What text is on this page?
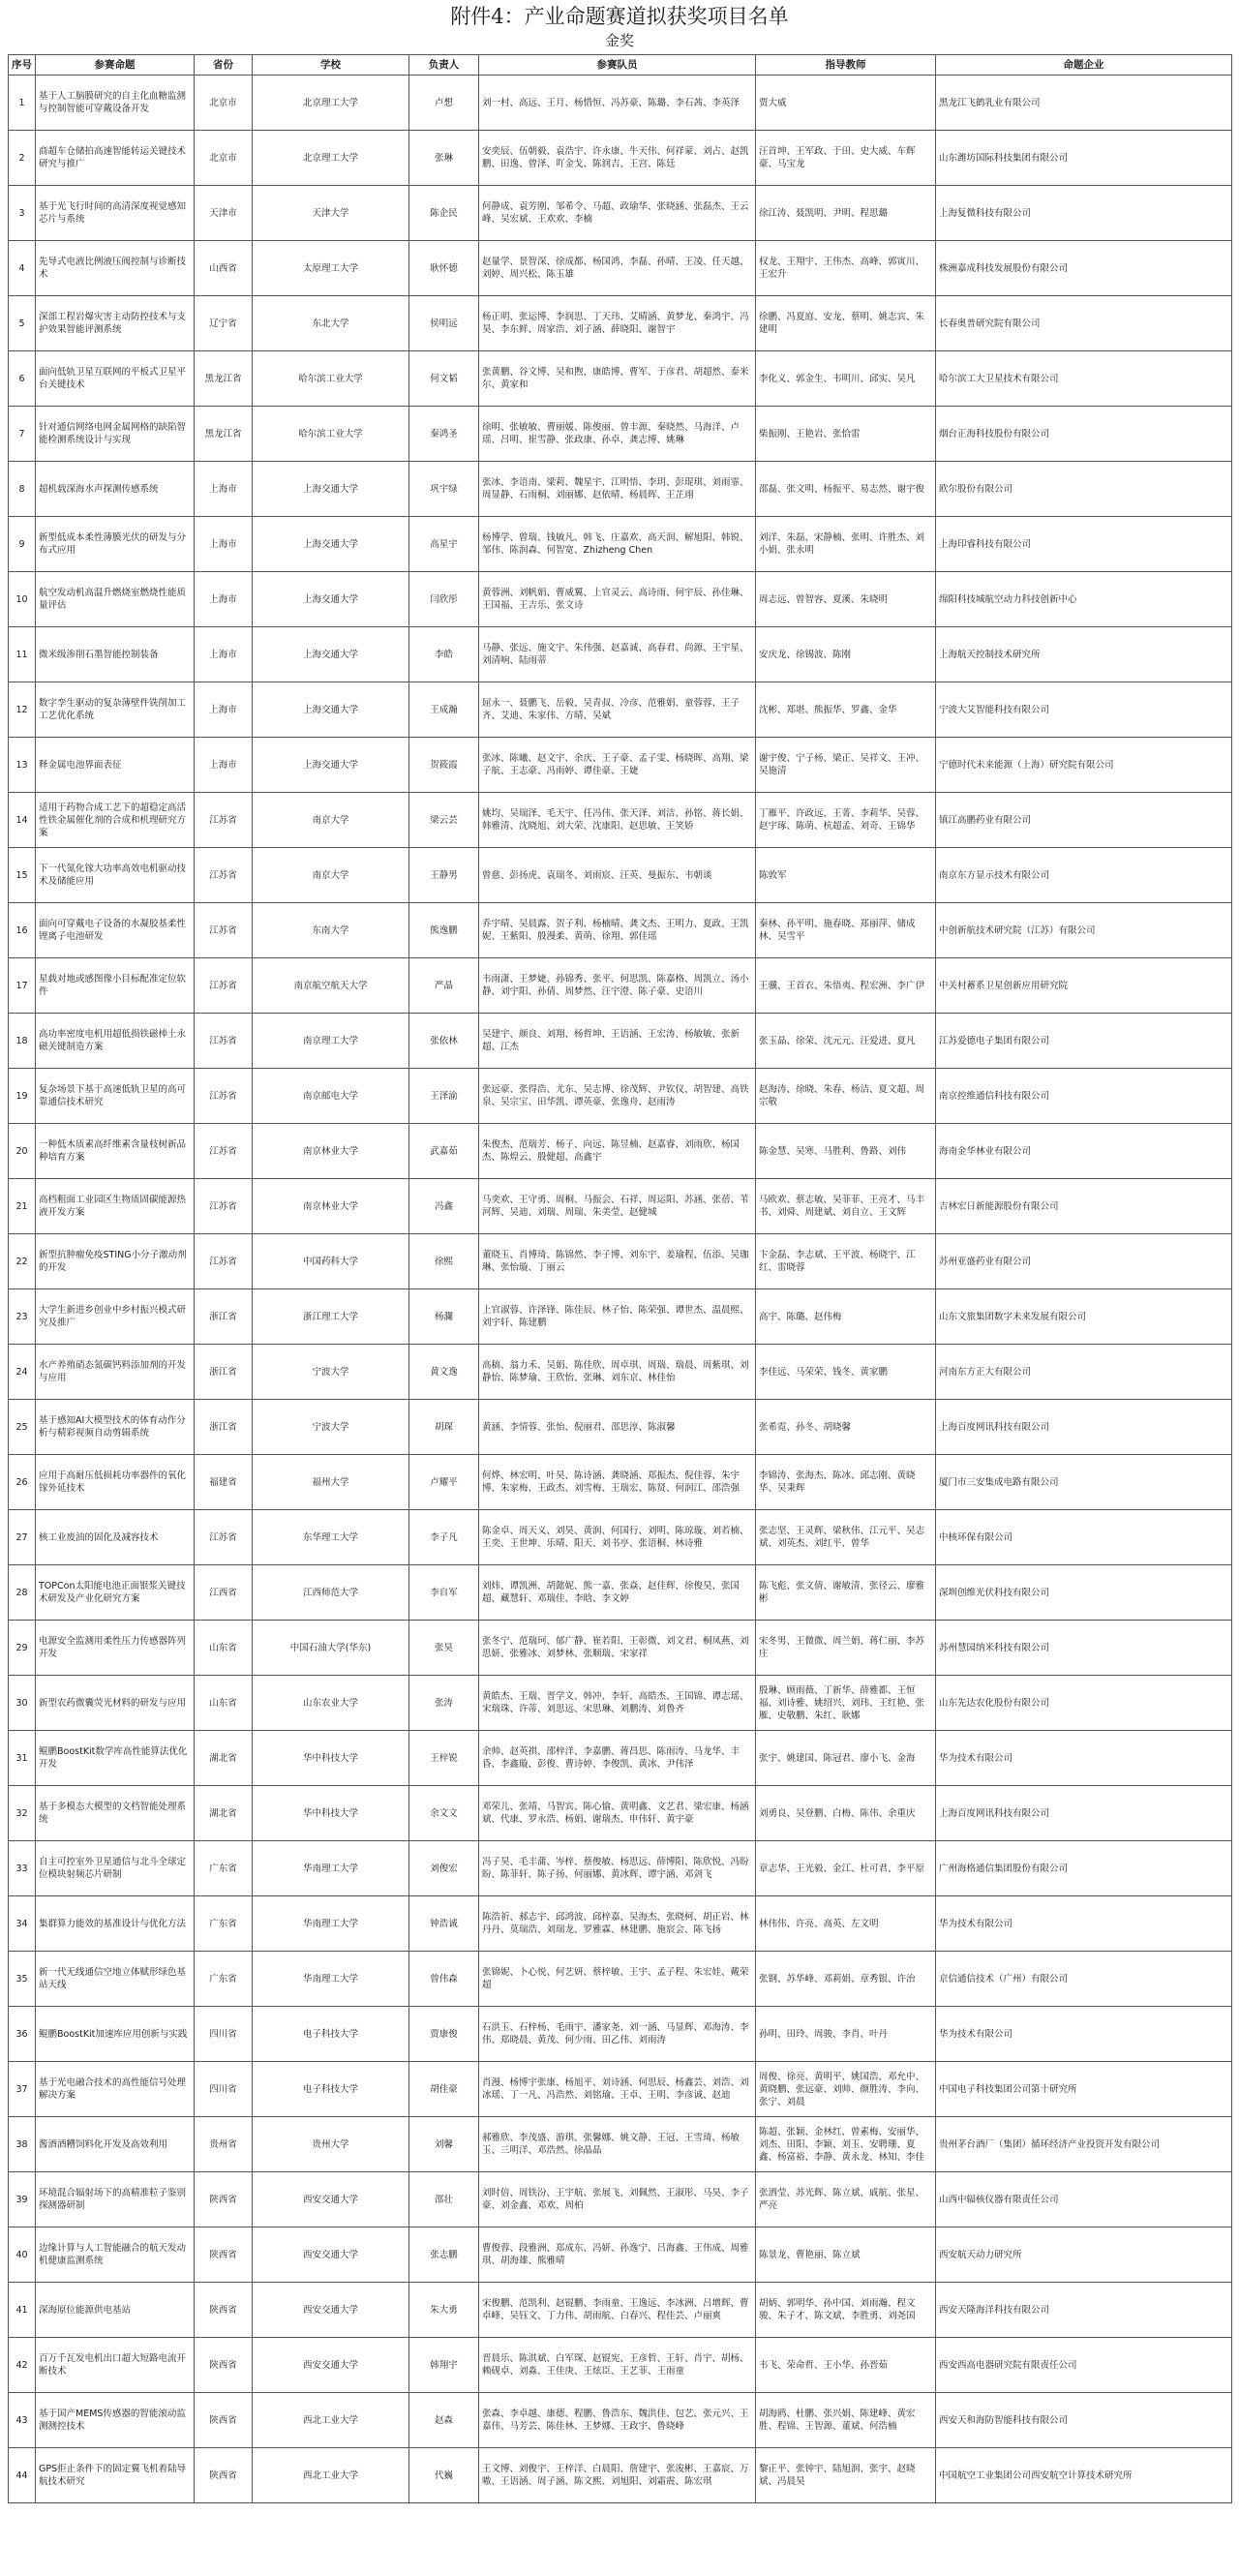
附件4：产业命题赛道拟获奖项目名单
金奖
序号	参赛命题	省份	学校	负责人	参赛队员	指导教师	命题企业

1	基于人工脑膜研究的自主化血糖监测与控制智能可穿戴设备开发	北京市	北京理工大学	卢想	刘一村、高远、王月、杨惜恒、冯苏豪、陈璐、李石茜、李英泽	贾大威	黑龙江飞鹤乳业有限公司

2	商超车仓储拍高速智能转运关键技术研究与推广	北京市	北京理工大学	张琳	安奕辰、伍朝毅、袁浩宇、许永康、牛天伟、何祥蒙、刘占、赵凯鹏、田逸、曾泽、吖金戈、陈润吉、王宫、陈廷	汪首坤、王军政、于田、史大威、车辉豪、马宝龙	山东潍坊国际科技集团有限公司

3	基于光飞行时间的高清深度视觉感知芯片与系统	天津市	天津大学	陈企民	何静成、袁芳刚、邹希令、马超、政瑜华、张晓涵、张磊杰、王云峰、吴宏斌、王欢欢、李楠	徐江涛、聂凯明、尹明、程思璐	上海复微科技有限公司

4	先导式电液比例液压阀控制与诊断技术	山西省	太原理工大学	耿怀德	赵量学、景智深、徐成都、杨国鸿、李磊、孙晴、王凌、任天越、刘婷、周兴松、陈玉雄	权龙、王翔宇、王伟杰、高峰、郭寅川、王宏升	株洲嘉成科技发展股份有限公司

5	深部工程岩爆灾害主动防控技术与支护效果智能评测系统	辽宁省	东北大学	侯明远	杨正明、张运博、李润思、丁天玮、艾晴涵、黄梦龙、秦鸿宇、冯昊、李东鲜、周家浩、刘子涵、薛晓阳、谢智宇	徐鹏、冯夏庭、安龙、蔡明、姚志宾、朱建明	长春奥普研究院有限公司

6	面向低轨卫星互联网的平板式卫星平台关键技术	黑龙江省	哈尔滨工业大学	何文韬	张黄鹏、谷文博、吴和煦、康皓博、曹军、于彦君、胡超然、泰米尔、黄家和	李化义、郭金生、韦明川、邱实、吴凡	哈尔滨工大卫星技术有限公司

7	针对通信网络电网金属网格的缺陷智能检测系统设计与实现	黑龙江省	哈尔滨工业大学	秦鸿圣	徐明、张敏敏、曹丽媛、陈俊丽、曾丰源、秦晓然、马海洋、卢瑶、吕明、崔雪静、张政康、孙卓、龚志博、姚琳	柴振刚、王艳岩、张恰雷	烟台正海科技股份有限公司

8	超机载深海水声探测传感系统	上海市	上海交通大学	巩宇绿	张冰、李语南、梁莉、魏星宇、江明悟、李玥、彭琨琪、刘雨霏、周显静、石雨桐、刘丽娜、赵依晴、杨晨晖、王芷翊	邵磊、张文明、杨振平、易志然、谢宇俊	欧尔股份有限公司

9	新型低成本柔性薄膜光伏的研发与分布式应用	上海市	上海交通大学	高星宇	杨博学、曾瑞、钱敏凡、韩飞、庄嘉欢、高天润、解旭阳、韩锐、邹伟、陈润森、何智宽、Zhizheng Chen	刘洋、朱磊、宋静楠、张明、许胜杰、刘小娟、张永明	上海印睿科技有限公司

10	航空发动机高温升燃烧室燃烧性能质量评估	上海市	上海交通大学	闫欣彤	黄蓉洲、刘帆娟、曹威翼、上官灵云、高诗雨、何宇辰、孙佳琳、王国福、王吉乐、张文诗	周志远、曾智容、夏溪、朱晓明	绵阳科技城航空动力科技创新中心

11	微米级渗削石墨智能控制装备	上海市	上海交通大学	李皓	马静、张远、施文宇、朱伟强、赵嘉诚、高春君、尚源、王宇星、刘清响、陆雨蒂	安庆龙、徐锡波、陈刚	上海航天控制技术研究所

12	数字孪生驱动的复杂薄壁件铣削加工工艺优化系统	上海市	上海交通大学	王成瀚	屈永一、聂鹏飞、岳毅、吴青叔、冷彦、范雅娟、童蓉蓉、王子齐、艾迪、朱家伟、方晴、吴斌	沈彬、郑堪、熊振华、罗鑫、金华	宁波大艾智能科技有限公司

13	释金属电池界面表征	上海市	上海交通大学	贺筱霞	张冰、陈曦、赵文宇、余庆、王子豪、孟子雯、杨晓晖、高翔、梁子航、王志豪、冯雨婷、谭佳豪、王婕	谢宇俊、宁子杨、梁正、吴祥文、王冲、吴施清	宁德时代未来能源（上海）研究院有限公司

14	适用于药物合成工艺下的超稳定高活性铁金属催化剂的合成和机理研究方案	江苏省	南京大学	梁云芸	姚均、吴瑞泽、毛天宇、任冯伟、张天泽、刘洁、孙铭、蒋长娟、韩雅清、沈晓旭、刘大荣、沈康阳、赵思敏、王笑娇	丁雁平、许政远、王菁、李莉华、吴蓉、赵宇琢、陈萌、杭超孟、刘奇、王锦华	镇江高鹏药业有限公司

15	下一代氮化镓大功率高效电机驱动技术及储能应用	江苏省	南京大学	王静男	曾慈、彭扬虎、袁瑞冬、刘雨宸、汪英、曼振东、韦朝谈	陈敦军	南京东方显示技术有限公司

16	面向可穿戴电子设备的水凝胶基柔性锂离子电池研发	江苏省	东南大学	熊逸鹏	乔宇晴、吴晨露、贺子利、杨楠晴、龚文杰、王明力、夏政、王凯妮、王紫阳、殷漫柔、黄萌、徐翔、郭佳瑶	秦林、孙平明、施春晓、郑丽萍、储成林、吴雪平	中创新航技术研究院（江苏）有限公司

17	星载对地或感图像小目标配准定位软件	江苏省	南京航空航天大学	严晶	韦雨潇、王梦婕、孙锦秀、张平、何思凯、陈嘉格、周凯立、汤小静、刘宇阳、孙倩、周梦然、汪宇澄、陈子豪、史语川	王骥、王首衣、朱悟夷、程宏洲、李广伊	中关村蓄系卫星创新应用研究院

18	高功率密度电机用超低损铁磁棒土永磁关键制造方案	江苏省	南京理工大学	张依林	吴建宇、颜良、刘翔、杨哲坤、王语涵、王宏涛、杨敏敏、张新超、江杰	张玉晶、徐荣、沈元元、汪爱进、夏凡	江苏爱德电子集团有限公司

19	复杂场景下基于高速低轨卫星的高可靠通信技术研究	江苏省	南京邮电大学	王泽渝	张远豪、张得浩、尤东、吴志博、徐茂辉、尹钦仪、胡智建、高铁泉、吴宗宝、田华凯、谭英豪、张逸舟、赵雨涛	赵海涛、徐晓、朱春、杨洁、夏文超、周宗敬	南京控维通信科技有限公司

20	一种低木质素高纤维素含量枝树新品种培育方案	江苏省	南京林业大学	武嘉茹	朱俊杰、范瑞芳、杨子、向远、陈昱楠、赵嘉睿、刘雨欣、杨国杰、陈煌云、殷健超、高鑫宇	陈金慧、吴寒、马胜利、鲁路、刘伟	海南金华林业有限公司

21	高档粗面工业园区生物质固碳能源热液开发方案	江苏省	南京林业大学	冯鑫	马奕欢、王守勇、周桐、马振会、石祥、周运阳、苏涵、张蓓、苇河辉、吴迪、刘瑞、周瑞、朱美莹、赵健城	马欧欢、蔡志敏、吴菲菲、王亮才、马丰书、刘舜、周建斌、刘自立、王文辉	吉林宏日新能源股份有限公司

22	新型抗肿瘤免疫STING小分子激动剂的开发	江苏省	中国药科大学	徐熙	董晓玉、肖博琦、陈锦然、李子博、刘东宇、姜瑜程、伍添、吴珈琳、张怡璇、丁丽云	卞金磊、李志斌、王平波、杨晓宇、江红、雷晓蓉	苏州亚盛药业有限公司

23	大学生新进乡创业中乡村振兴模式研究及推广	浙江省	浙江理工大学	杨瀾	上官淑蓉、许泽锋、陈佳辰、林子怡、陈荣强、谭世杰、温晨熙、刘宇轩、陈建鹏	高宇、陈璐、赵伟梅	山东文旅集团数字未来发展有限公司

24	水产养殖硝态氮碳钙料添加剂的开发与应用	浙江省	宁波大学	黄文逸	高稿、翁力禾、吴娟、陈佳欣、周卓琪、周瑞、瑞晨、周紫琪、刘静怡、陈梦瑜、王欣怡、张琳、刘东京、林佳怡	李佳远、马荣荣、钱冬、黄家鹏	河南东方正大有限公司

25	基于感知AI大模型技术的体育动作分析与精彩视频自动剪辑系统	浙江省	宁波大学	胡琛	黄涵、李情蓉、张怡、倪丽君、邵思淳、陈淑馨	张希霓、孙冬、胡晓馨	上海百度网讯科技有限公司

26	应用于高耐压低损耗功率器件的氧化镓外延技术	福建省	福州大学	卢耀平	何烨、林宏明、叶昊、陈诗涵、龚晓涵、郑振杰、倪佳蓉、朱宇博、朱家梅、王政杰、刘雪梅、王瑞宏、陈贤、何润江、邵浩强	李锦涛、张海杰、陈冰、邱志刚、黄晓华、吴秉辉	厦门市三安集成电路有限公司

27	核工业废油的固化及减容技术	江苏省	东华理工大学	李子凡	陈金卓、周天义、刘昊、黄润、何国行、刘明、陈琼璇、刘若楠、王奕、王世坤、乐晴、阳天、刘书亭、张语桐、林诗雅	张志坚、王灵辉、梁秋伟、江元平、吴志斌、刘英杰、刘红平、曾华	中核环保有限公司

28	TOPCon太阳能电池正面银浆关键技术研发及产业化研究方案	江西省	江西师范大学	李自军	刘炜、谭凯洲、胡懿妮、熊一嘉、张焱、赵佳辉、徐俊昊、张国超、藏慧轩、邓瑞佳、李晗、李文婷	陈飞彪、张文倩、谢敏清、张径云、廖雅彬	深圳创维光伏科技有限公司

29	电源安全监测用柔性压力传感器阵列开发	山东省	中国石油大学(华东)	张昊	张冬宁、范瑞珂、郁广静、崔若阳、王彰微、刘文君、桐凤燕、刘思妍、张雅冰、刘梦林、张顺瑞、宋家祥	宋冬男、王微微、周兰娟、蒋仁丽、李苏庄	苏州慧园纳米科技有限公司

30	新型农药微囊荧光材料的研发与应用	山东省	山东农业大学	张涛	黄皓杰、王瑞、晋学文、韩冲、李轩、高皓杰、王国锦、谭志瑶、宋瑞珠、许蒂、刘思远、宋思琳、刘鹏涛、刘鲁齐	殷琳、顾雨薇、丁新华、薛雅都、王恒福、刘诗雅、姚绍兴、刘玮、王红艳、张雁、史敬鹏、朱红、耿娜	山东先达农化股份有限公司

31	鲲鹏BoostKit数学库高性能算法优化开发	湖北省	华中科技大学	王梓锐	余帅、赵英祺、邵梓洋、李嘉鹏、蒋昌思、陈雨涛、马龙华、丰昏、李鑫璇、彭俊、曹诗婷、李俊凯、黄冰、尹伟泽	张宇、姚建国、陈冠君、廖小飞、金海	华为技术有限公司

32	基于多模态大模型的文档智能处理系统	湖北省	华中科技大学	余文文	邓荣儿、张靖、马智宾、陈心愉、黄明鑫、文艺君、梁宏康、杨涵斌、代康、罗永浩、杨娟、谢瑞杰、申伟轩、黄宇豪	刘勇良、吴登鹏、白梅、陈伟、余重庆	上海百度网讯科技有限公司

33	自主可控室外卫星通信与北斗全球定位模块射频芯片研制	广东省	华南理工大学	刘俊宏	冯子昊、毛丰蒲、岑梓、蔡俊敏、杨思远、薛博阳、陈欣悦、冯盼盼、陈菲轩、陈子扬、何丽娜、黄冰辉、谭宇涵、邓剑飞	章志华、王光毅、金江、杜可君、李平原	广州海格通信集团股份有限公司

34	集群算力能效的基准设计与优化方法	广东省	华南理工大学	钟浩诚	陈浩祈、郝志宇、邱鸿波、邱梓嘉、吴海杰、张晓柯、胡正岩、林丹丹、莫瑞浩、刘瑞龙、罗雅霖、林建鹏、施宸会、陈飞扬	林伟伟、许亮、高英、左文明	华为技术有限公司

35	新一代无线通信空地立体赋形绿色基站天线	广东省	华南理工大学	曾伟森	张锦妮、卜心悦、何艺妍、蔡梓敏、王宇、孟子程、朱宏娃、戴荣超	张钢、苏华峰、邓莉娟、章秀银、许治	京信通信技术（广州）有限公司

36	鲲鹏BoostKit加速库应用创新与实践	四川省	电子科技大学	贾康俊	石洪玉、石梓杨、毛雨宇、潘家尧、刘一涵、马显辉、邓海涛、李伟、郑晓晨、黄茂、何少雨、田乙伟、刘雨涛	孙明、田玲、周骏、李肖、叶丹	华为技术有限公司

37	基于光电融合技术的高性能信号处理解决方案	四川省	电子科技大学	胡佳豪	肖漫、杨博宇张康、杨旭平、刘诗涵、何思辰、杨鑫芸、刘浩、刘冰瑶、丁一凡、冯浩然、刘铭瑜、王卓、王明、李彦诚、赵迪	周俊、徐亮、黄明平、姚国浩、邓允中、黄晓鹏、张远豪、刘帅、颜胜涛、李向、张宁、刘晨	中国电子科技集团公司第十研究所

38	酱酒酒糟饲料化开发及高效利用	贵州省	贵州大学	刘馨	郝雅欣、李茂盛、游琪、张馨娜、姚文静、王冠、王雪琦、杨敏玉、三明洋、邓浩然、徐晶晶	陈超、张颖、金林红、曾素梅、安丽华、刘杰、田阳、李颖、刘玉、安聘珊、夏鑫、杨富裕、李静、黄永龙、林知、李佳	贵州茅台酒厂（集团）循环经济产业投资开发有限公司

39	环境混合辐射场下的高精准粒子鉴别探测器研制	陕西省	西安交通大学	邵壮	刘时倍、周铁汾、王宇航、张展飞、刘佩然、王淑彤、马昊、李子豪、刘金鑫、邓欢、周柏	张洒莹、苏光辉、陈立斌、戚航、张星、严亮	山西中辐核仪器有限责任公司

40	边缘计算与人工智能融合的航天发动机健康监测系统	陕西省	西安交通大学	张志鹏	曹俊蓉、段雅洲、郑成东、冯妍、孙逸宁、吕海鑫、王伟成、周雅琪、胡海雄、熊雅晴	陈景龙、曹艳丽、陈立斌	西安航天动力研究所

41	深海原位能源供电基站	陕西省	西安交通大学	朱大勇	宋俊鹏、范凯利、赵锟鹏、李雨童、王逸远、李冰洲、吕增辉、曹卓峰、吴钰文、丁力伟、胡雨航、白春兴、程佳芸、卢丽爽	胡炳、郭明华、孙中国、刘雨瀚、程文骏、朱子才、陈文斌、李胜勇、刘尧国	西安天隆海洋科技有限公司

42	百万千瓦发电机出口超大短路电流开断技术	陕西省	西安交通大学	韩翔宇	晋晨乐、陈淇斌、白军琛、赵锟宪、王彦哲、王轩、肖宇、胡杨、赖砚卓、刘淼、王佳庚、王炫臣、王艺菲、王雨童	韦飞、荣命哲、王小华、孙晋茹	西安西高电器研究院有限责任公司

43	基于国产MEMS传感器的智能滚动监测测控技术	陕西省	西北工业大学	赵森	张森、李卓越、康德、程鹏、鲁浩东、魏洪佳、包艺、张元兴、王嘉伟、马芳芸、陈佳林、王梦娜、王政宇、鲁晓峰	胡海鸥、杜鹏、张兴娟、陈建峰、黄宏胜、程锦、王智源、董斌、何浩楠	西安天和海防智能科技有限公司

44	GPS拒止条件下的固定翼飞机着陆导航技术研究	陕西省	西北工业大学	代巍	王文博、刘俊宇、王梓洋、白晨阳、詹建宇、张浚彬、王嘉宸、万嗷、王语涵、周子涵、陈文熙、刘旭阳、刘霜震、陈宏琪	黎正平、张钟宇、陆旭润、张宇、赵晓斌、冯晨昊	中国航空工业集团公司西安航空计算技术研究所
